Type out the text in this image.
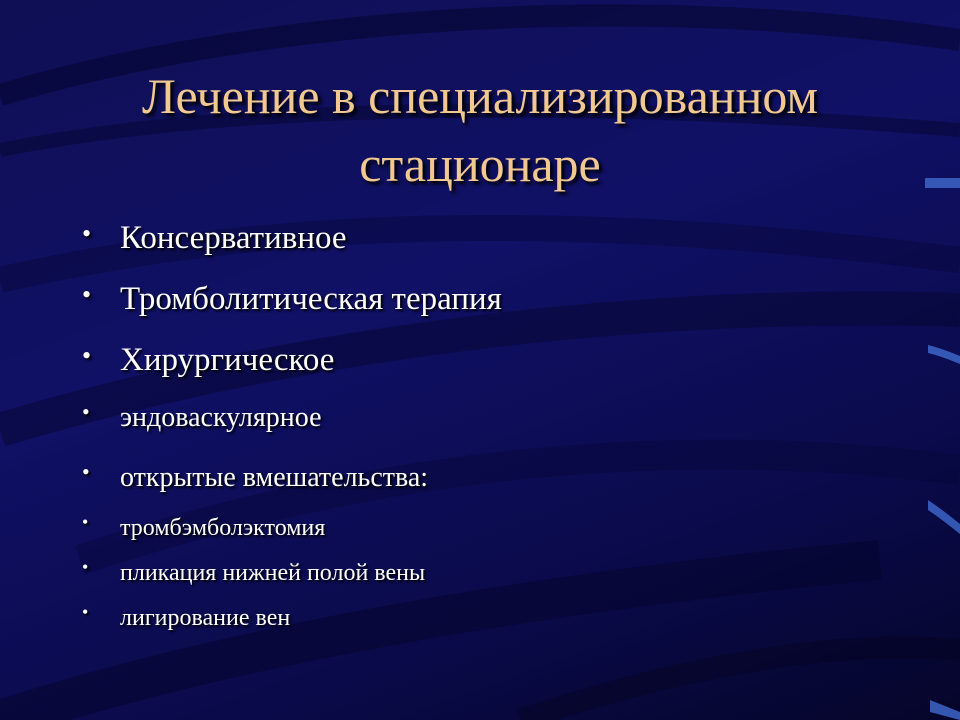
Лечение в специализированном стационаре
• Консервативное
• Тромболитическая терапия
• Хирургическое
• эндоваскулярное
• открытые вмешательства:
• тромбэмболэктомия
• пликация нижней полой вены
• лигирование вен
